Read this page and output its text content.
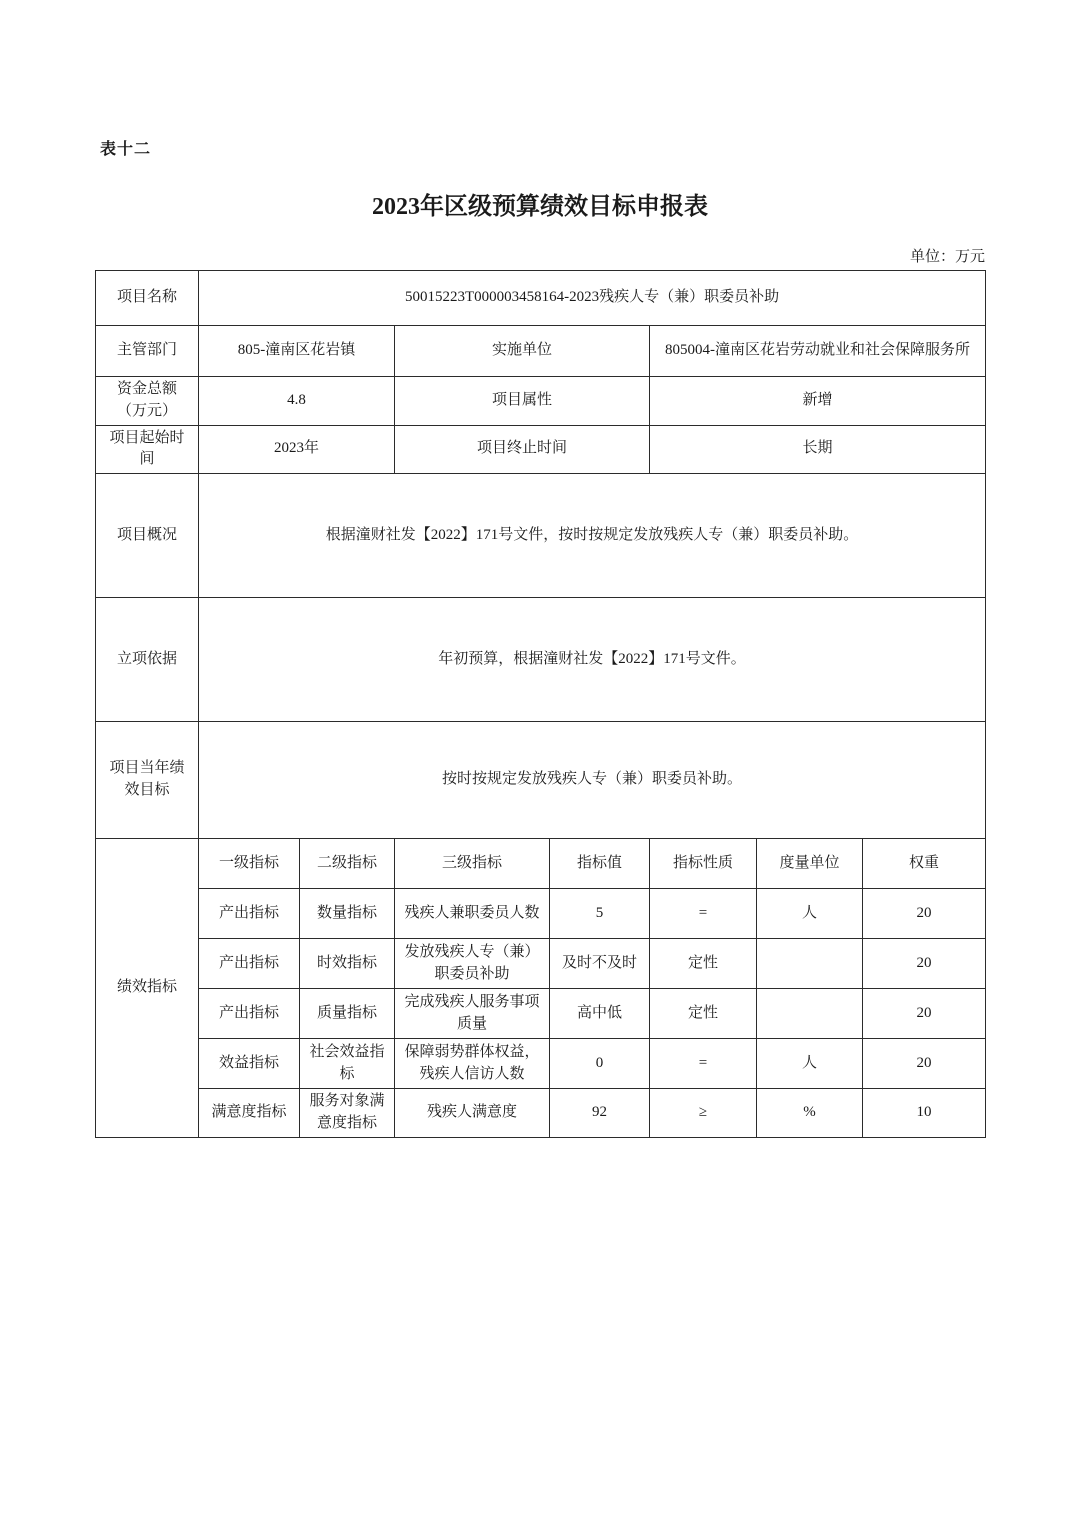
表十二
2023年区级预算绩效目标申报表
单位：万元
项目名称	50015223T000003458164-2023残疾人专（兼）职委员补助						
主管部门	805-潼南区花岩镇		实施单位		805004-潼南区花岩劳动就业和社会保障服务所		
资金总额（万元）	4.8		项目属性		新增		
项目起始时间	2023年		项目终止时间		长期		
项目概况	根据潼财社发【2022】171号文件，按时按规定发放残疾人专（兼）职委员补助。						
立项依据	年初预算，根据潼财社发【2022】171号文件。						
项目当年绩效目标	按时按规定发放残疾人专（兼）职委员补助。						
绩效指标	一级指标	二级指标	三级指标	指标值	指标性质	度量单位	权重
	产出指标	数量指标	残疾人兼职委员人数	5	=	人	20
	产出指标	时效指标	发放残疾人专（兼）职委员补助	及时不及时	定性		20
	产出指标	质量指标	完成残疾人服务事项质量	高中低	定性		20
	效益指标	社会效益指标	保障弱势群体权益，残疾人信访人数	0	=	人	20
	满意度指标	服务对象满意度指标	残疾人满意度	92	≥	%	10
